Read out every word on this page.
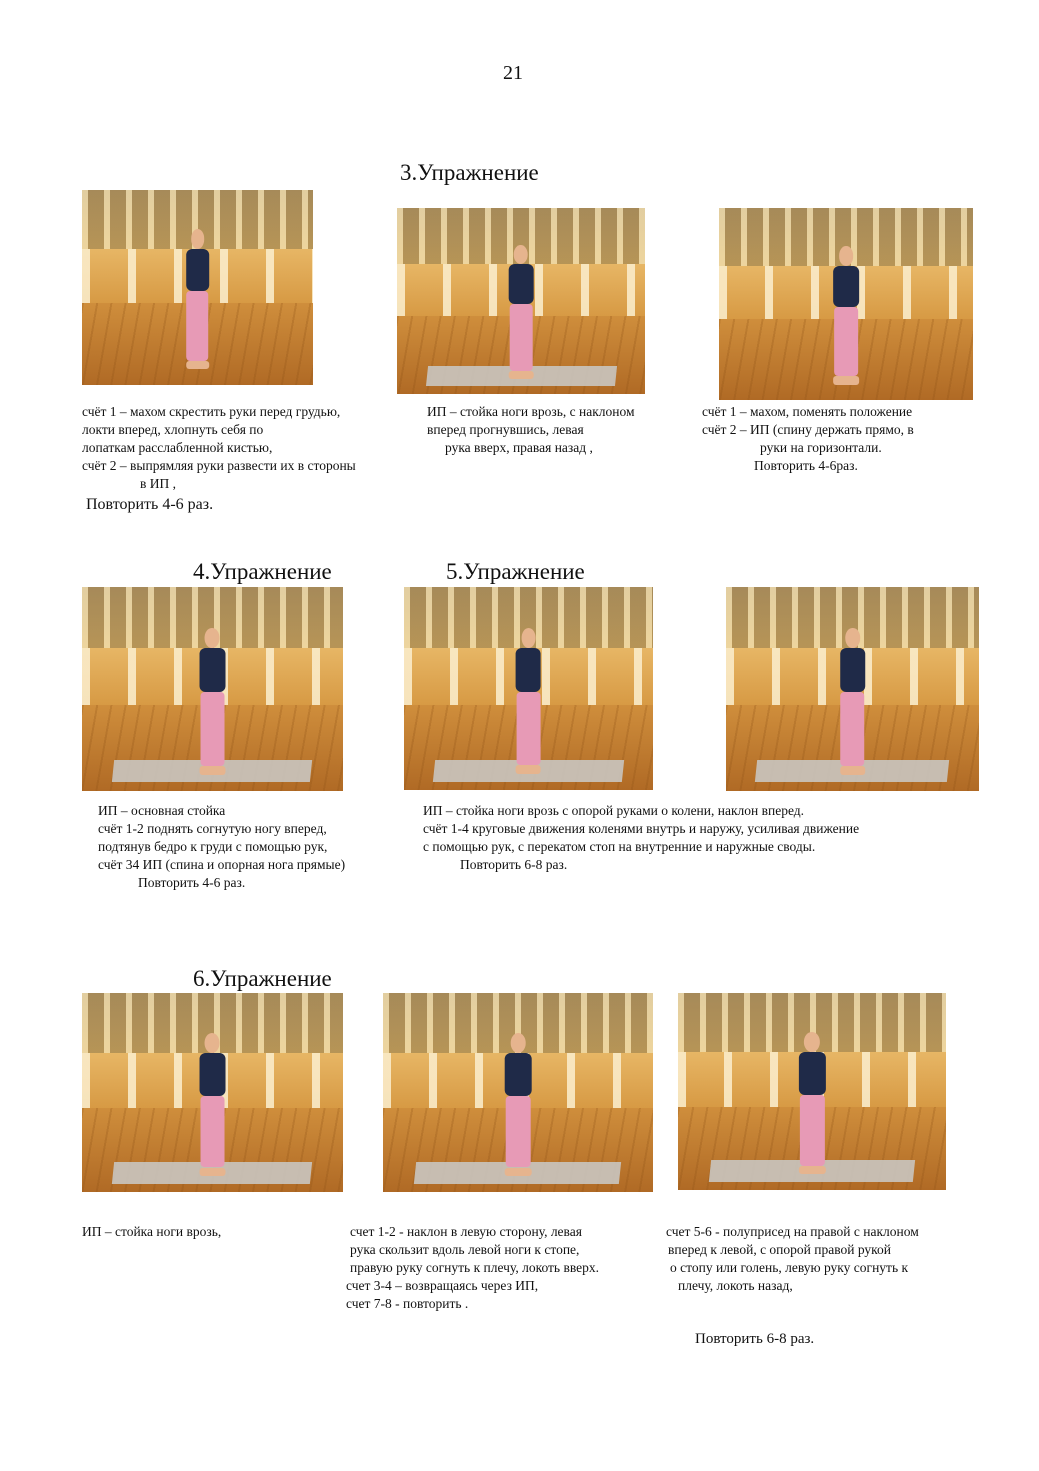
21
3.Упражнение
счёт 1 – махом скрестить руки перед грудью,
локти вперед, хлопнуть себя по
лопаткам расслабленной кистью,
счёт 2 – выпрямляя руки развести их в стороны
в ИП ,
Повторить 4-6 раз.
ИП – стойка ноги врозь, с наклоном
вперед прогнувшись, левая
рука вверх, правая назад ,
счёт 1 – махом, поменять положение
счёт 2 – ИП (спину держать прямо, в
руки на горизонтали.
Повторить 4-6раз.
4.Упражнение	5.Упражнение
ИП – основная стойка
счёт 1-2 поднять согнутую ногу вперед,
подтянув бедро к груди с помощью рук,
счёт 34 ИП (спина и опорная нога прямые)
Повторить 4-6 раз.
ИП – стойка ноги врозь с опорой руками о колени, наклон вперед.
счёт 1-4 круговые движения коленями внутрь и наружу, усиливая движение
с помощью рук, с перекатом стоп на внутренние и наружные своды.
Повторить 6-8 раз.
6.Упражнение
ИП – стойка ноги врозь,	счет 1-2 - наклон в левую сторону, левая
рука скользит вдоль левой ноги к стопе,
правую руку согнуть к плечу, локоть вверх.
счет 3-4 – возвращаясь через ИП,
счет 7-8 - повторить .
счет 5-6 - полуприсед на правой с наклоном
вперед к левой, с опорой правой рукой
о стопу или голень, левую руку согнуть к
плечу, локоть назад,
Повторить 6-8 раз.
